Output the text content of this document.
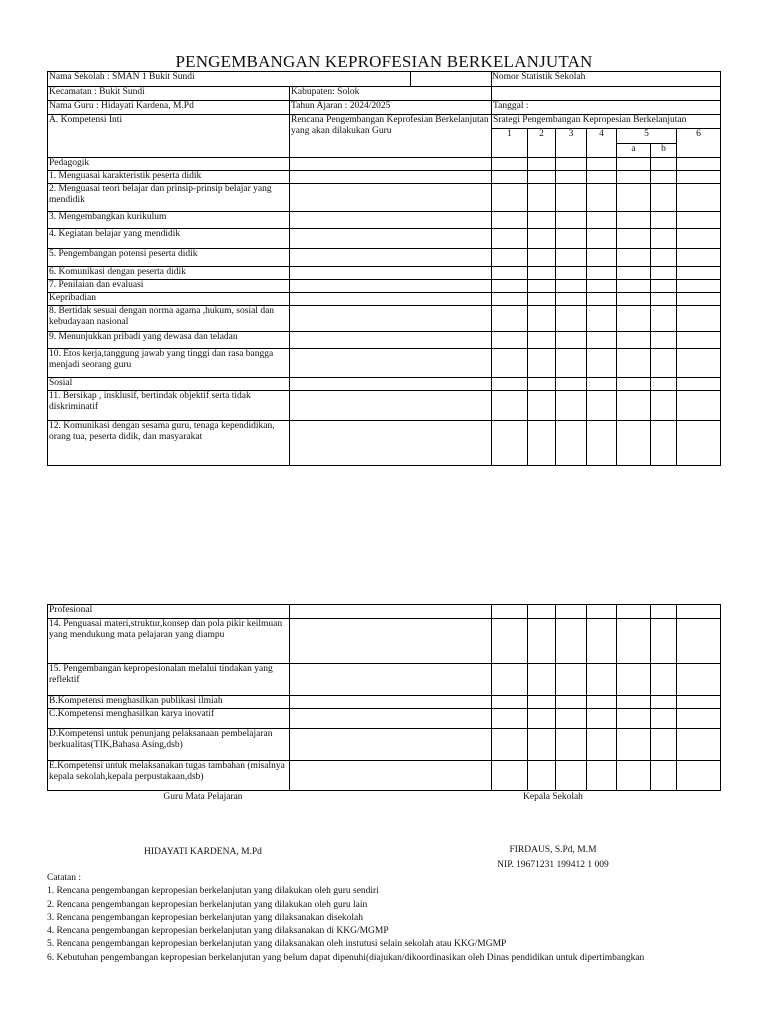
PENGEMBANGAN KEPROFESIAN BERKELANJUTAN
Nama Sekolah : SMAN 1 Bukit Sundi			Nomor Statistik Sekolah						
Kecamatan : Bukit Sundi	Kabupaten: Solok								
Nama Guru : Hidayati Kardena, M.Pd	Tahun Ajaran : 2024/2025		Tanggal :						
A. Kompetensi Inti	Rencana Pengembangan Keprofesian Berkelanjutan yang akan dilakukan Guru		Srategi Pengembangan Kepropesian Berkelanjutan						
			1	2	3	4	5		6
							a	b	
Pedagogik									
1. Menguasai karakteristik peserta didik									
2. Menguasai teori belajar dan prinsip-prinsip belajar yang mendidik									
3. Mengembangkan kurikulum									
4. Kegiatan belajar yang mendidik									
5. Pengembangan potensi peserta didik									
6. Komunikasi dengan peserta didik									
7. Penilaian dan evaluasi									
Kepribadian									
8. Bertidak sesuai dengan norma agama ,hukum, sosial dan kebudayaan nasional									
9. Menunjukkan pribadi yang dewasa dan teladan									
10. Etos kerja,tanggung jawab yang tinggi dan rasa bangga menjadi seorang guru									
Sosial									
11. Bersikap , insklusif, bertindak objektif serta tidak diskriminatif									
12. Komunikasi dengan sesama guru, tenaga kependidikan, orang tua, peserta didik, dan masyarakat									
Profesional								
14. Penguasai materi,struktur,konsep dan pola pikir keilmuan yang mendukung mata pelajaran yang diampu								
15. Pengembangan kepropesionalan melalui tindakan yang reflektif								
B.Kompetensi menghasilkan publikasi ilmiah								
C.Kompetensi menghasilkan karya inovatif								
D.Kompetensi untuk penunjang pelaksanaan pembelajaran berkualitas(TIK,Bahasa Asing,dsb)								
E.Kompetensi untuk melaksanakan tugas tambahan (misalnya kepala sekolah,kepala perpustakaan,dsb)								
Guru Mata Pelajaran	Kepala Sekolah
HIDAYATI KARDENA, M.Pd	FIRDAUS, S.Pd, M.M
NIP. 19671231 199412 1 009
Catatan :
1. Rencana pengembangan kepropesian berkelanjutan yang dilakukan oleh guru sendiri
2. Rencana pengembangan kepropesian berkelanjutan yang dilakukan oleh guru lain
3. Rencana pengembangan kepropesian berkelanjutan yang dilaksanakan disekolah
4. Rencana pengembangan kepropesian berkelanjutan yang dilaksanakan di KKG/MGMP
5. Rencana pengembangan kepropesian berkelanjutan yang dilaksanakan oleh instutusi selain sekolah atau KKG/MGMP
6. Kebutuhan pengembangan kepropesian berkelanjutan yang belum dapat dipenuhi(diajukan/dikoordinasikan oleh Dinas pendidikan untuk dipertimbangkan
